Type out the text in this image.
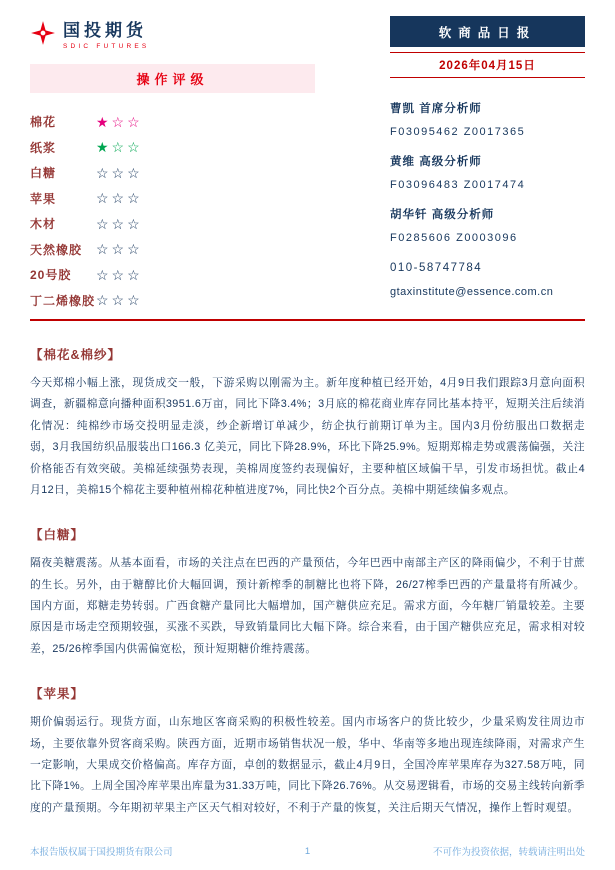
国投期货
SDIC FUTURES
操作评级
棉花	★☆☆
纸浆	★☆☆
白糖	☆☆☆
苹果	☆☆☆
木材	☆☆☆
天然橡胶 ☆☆☆
20号胶	☆☆☆
丁二烯橡胶 ☆☆☆
软商品日报
2026年04月15日
曹凯 首席分析师
F03095462 Z0017365
黄维 高级分析师
F03096483 Z0017474
胡华钎 高级分析师
F0285606 Z0003096
010-58747784
gtaxinstitute@essence.com.cn
【棉花&棉纱】
今天郑棉小幅上涨，现货成交一般，下游采购以刚需为主。新年度种植已经开始，4月9日我们跟踪3月意向面积调查，新疆棉意向播种面积3951.6万亩，同比下降3.4%；3月底的棉花商业库存同比基本持平，短期关注后续消化情况：纯棉纱市场交投明显走淡，纱企新增订单减少，纺企执行前期订单为主。国内3月份纺服出口数据走弱，3月我国纺织品服装出口166.3 亿美元，同比下降28.9%，环比下降25.9%。短期郑棉走势或震荡偏强，关注价格能否有效突破。美棉延续强势表现，美棉周度签约表现偏好，主要种植区域偏干旱，引发市场担忧。截止4月12日，美棉15个棉花主要种植州棉花种植进度7%，同比快2个百分点。美棉中期延续偏多观点。
【白糖】
隔夜美糖震荡。从基本面看，市场的关注点在巴西的产量预估，今年巴西中南部主产区的降雨偏少，不利于甘蔗的生长。另外，由于糖醇比价大幅回调，预计新榨季的制糖比也将下降，26/27榨季巴西的产量量将有所减少。国内方面，郑糖走势转弱。广西食糖产量同比大幅增加，国产糖供应充足。需求方面，今年糖厂销量较差。主要原因是市场走空预期较强，买涨不买跌，导致销量同比大幅下降。综合来看，由于国产糖供应充足，需求相对较差，25/26榨季国内供需偏宽松，预计短期糖价维持震荡。
【苹果】
期价偏弱运行。现货方面，山东地区客商采购的积极性较差。国内市场客户的货比较少，少量采购发往周边市场，主要依靠外贸客商采购。陕西方面，近期市场销售状况一般，华中、华南等多地出现连续降雨，对需求产生一定影响，大果成交价格偏高。库存方面，卓创的数据显示，截止4月9日，全国冷库苹果库存为327.58万吨，同比下降1%。上周全国冷库苹果出库量为31.33万吨，同比下降26.76%。从交易逻辑看，市场的交易主线转向新季度的产量预期。今年期初苹果主产区天气相对较好，不利于产量的恢复，关注后期天气情况，操作上暂时观望。
本报告版权属于国投期货有限公司	1	不可作为投资依据，转载请注明出处
